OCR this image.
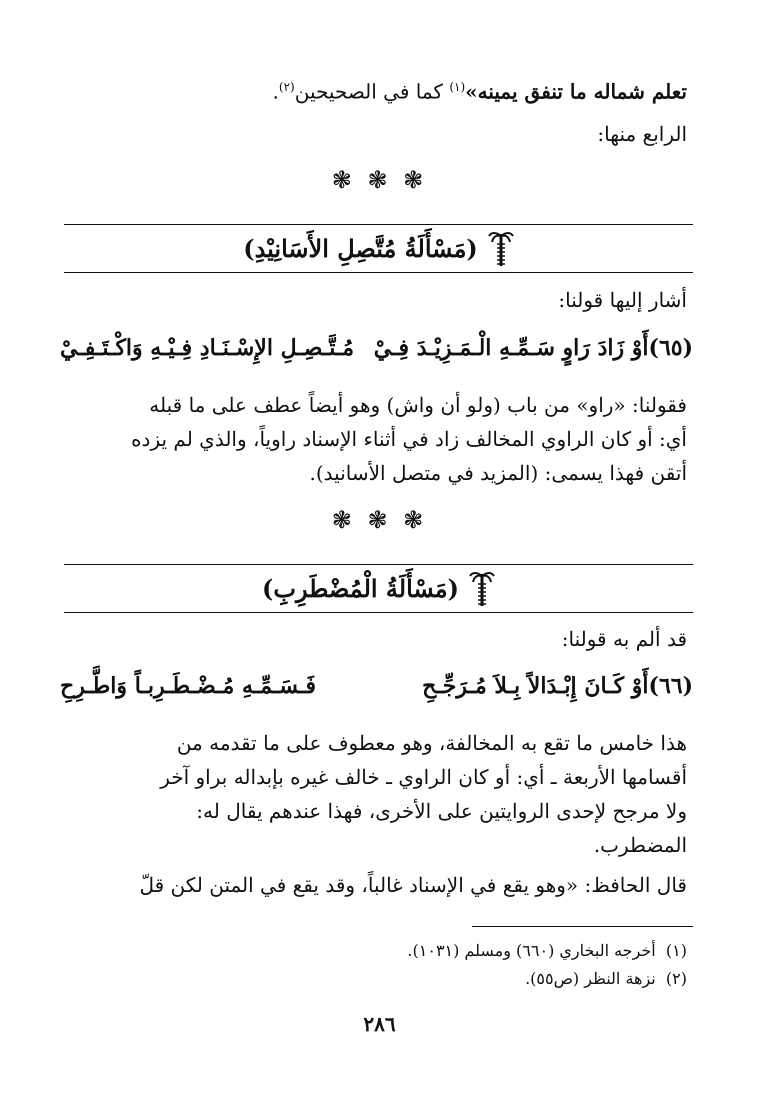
تعلم شماله ما تنفق يمينه»$^{(١)}$ كما في الصحيحين$^{(٢)}$.
الرابع منها:
❃ ❃ ❃
(مَسْأَلَةُ مُتَّصِلِ الأَسَانِيْدِ)
أشار إليها قولنا:
(٦٥)أَوْ زَادَ رَاوٍ سَـمِّـهِ الْـمَـزِيْـدَ فِـيْ
مُـتَّـصِـلِ الإِسْـنَـادِ فِـيْـهِ وَاكْـتَـفِـيْ
فقولنا: «راو» من باب (ولو أن واش) وهو أيضاً عطف على ما قبله
أي: أو كان الراوي المخالف زاد في أثناء الإسناد راوياً، والذي لم يزده
أتقن فهذا يسمى: (المزيد في متصل الأسانيد).
❃ ❃ ❃
(مَسْأَلَةُ الْمُضْطَرِبِ)
قد ألم به قولنا:
(٦٦)أَوْ كَـانَ إِبْـدَالاً بِـلاَ مُـرَجِّـحِ
فَـسَـمِّـهِ مُـضْـطَـرِبـاً وَاطَّـرِحِ
هذا خامس ما تقع به المخالفة، وهو معطوف على ما تقدمه من
أقسامها الأربعة ـ أي: أو كان الراوي ـ خالف غيره بإبداله براو آخر
ولا مرجح لإحدى الروايتين على الأخرى، فهذا عندهم يقال له:
المضطرب.
قال الحافظ: «وهو يقع في الإسناد غالباً، وقد يقع في المتن لكن قلّ
(١)  أخرجه البخاري (٦٦٠) ومسلم (١٠٣١).
(٢)  نزهة النظر (ص٥٥).
٢٨٦
